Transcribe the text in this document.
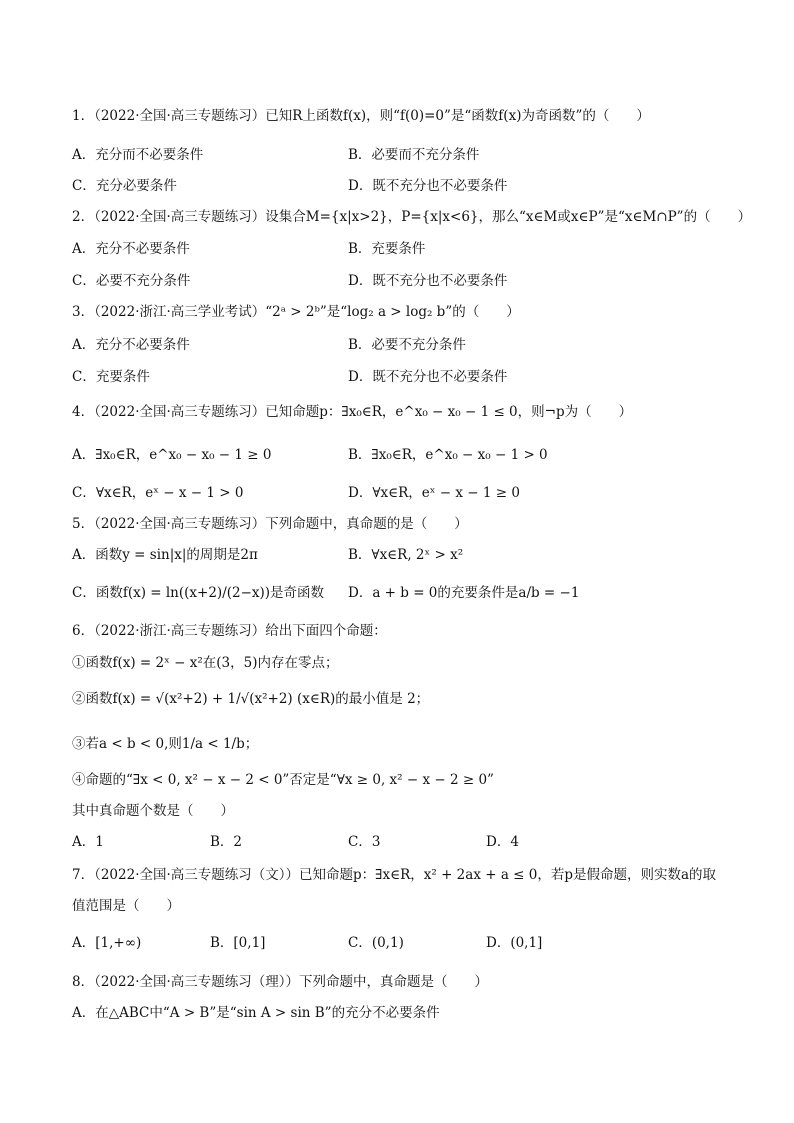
1．（2022·全国·高三专题练习）已知R上函数f(x)，则“f(0)=0”是“函数f(x)为奇函数”的（　　）
A．充分而不必要条件	B．必要而不充分条件
C．充分必要条件	D．既不充分也不必要条件
2．（2022·全国·高三专题练习）设集合M={x|x>2}，P={x|x<6}，那么“x∈M或x∈P”是“x∈M∩P”的（　　）
A．充分不必要条件	B．充要条件
C．必要不充分条件	D．既不充分也不必要条件
3．（2022·浙江·高三学业考试）“2ᵃ > 2ᵇ”是“log₂ a > log₂ b”的（　　）
A．充分不必要条件	B．必要不充分条件
C．充要条件	D．既不充分也不必要条件
4．（2022·全国·高三专题练习）已知命题p：∃x₀∈R，e^x₀ − x₀ − 1 ≤ 0，则¬p为（　　）
A．∃x₀∈R，e^x₀ − x₀ − 1 ≥ 0	B．∃x₀∈R，e^x₀ − x₀ − 1 > 0
C．∀x∈R，eˣ − x − 1 > 0	D．∀x∈R，eˣ − x − 1 ≥ 0
5．（2022·全国·高三专题练习）下列命题中，真命题的是（　　）
A．函数y = sin|x|的周期是2π	B．∀x∈R, 2ˣ > x²
C．函数f(x) = ln((x+2)/(2−x))是奇函数 D．a + b = 0的充要条件是a/b = −1
6．（2022·浙江·高三专题练习）给出下面四个命题：
①函数f(x) = 2ˣ − x²在(3，5)内存在零点；
②函数f(x) = √(x²+2) + 1/√(x²+2) (x∈R)的最小值是 2；
③若a < b < 0,则1/a < 1/b；
④命题的“∃x < 0, x² − x − 2 < 0”否定是“∀x ≥ 0, x² − x − 2 ≥ 0”
其中真命题个数是（　　）
A．1	B．2	C．3	D．4
7．（2022·全国·高三专题练习（文））已知命题p：∃x∈R，x² + 2ax + a ≤ 0，若p是假命题，则实数a的取
值范围是（　　）
A．[1,+∞)	B．[0,1]	C．(0,1)	D．(0,1]
8．（2022·全国·高三专题练习（理））下列命题中，真命题是（　　）
A．在△ABC中“A > B”是“sin A > sin B”的充分不必要条件
